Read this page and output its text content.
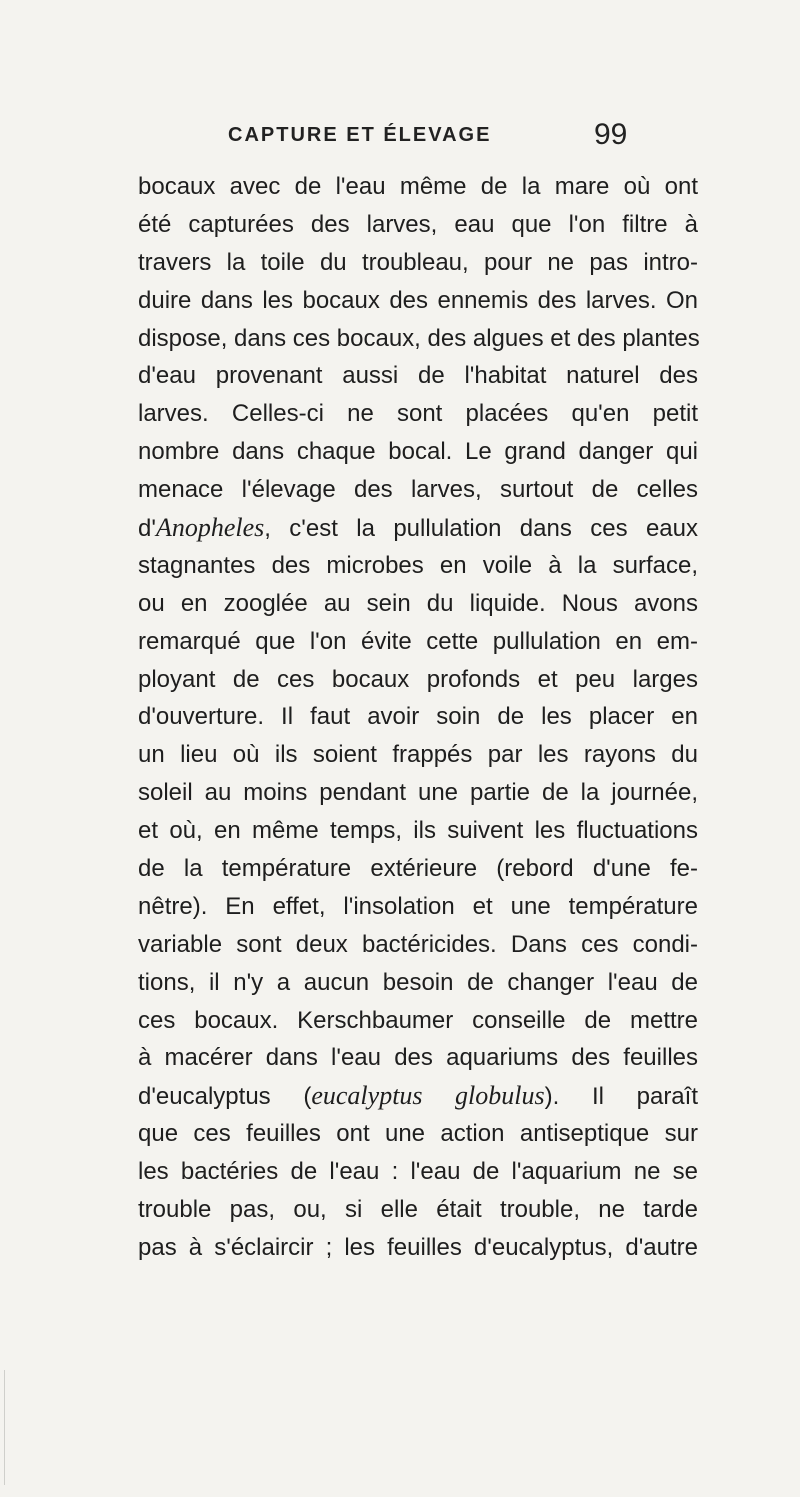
CAPTURE ET ÉLEVAGE	99
bocaux avec de l'eau même de la mare où ont
été capturées des larves, eau que l'on filtre à
travers la toile du troubleau, pour ne pas intro-
duire dans les bocaux des ennemis des larves. On
dispose, dans ces bocaux, des algues et des plantes
d'eau provenant aussi de l'habitat naturel des
larves. Celles-ci ne sont placées qu'en petit
nombre dans chaque bocal. Le grand danger qui
menace l'élevage des larves, surtout de celles
d'Anopheles, c'est la pullulation dans ces eaux
stagnantes des microbes en voile à la surface,
ou en zooglée au sein du liquide. Nous avons
remarqué que l'on évite cette pullulation en em-
ployant de ces bocaux profonds et peu larges
d'ouverture. Il faut avoir soin de les placer en
un lieu où ils soient frappés par les rayons du
soleil au moins pendant une partie de la journée,
et où, en même temps, ils suivent les fluctuations
de la température extérieure (rebord d'une fe-
nêtre). En effet, l'insolation et une température
variable sont deux bactéricides. Dans ces condi-
tions, il n'y a aucun besoin de changer l'eau de
ces bocaux. Kerschbaumer conseille de mettre
à macérer dans l'eau des aquariums des feuilles
d'eucalyptus (eucalyptus globulus). Il paraît
que ces feuilles ont une action antiseptique sur
les bactéries de l'eau : l'eau de l'aquarium ne se
trouble pas, ou, si elle était trouble, ne tarde
pas à s'éclaircir ; les feuilles d'eucalyptus, d'autre
